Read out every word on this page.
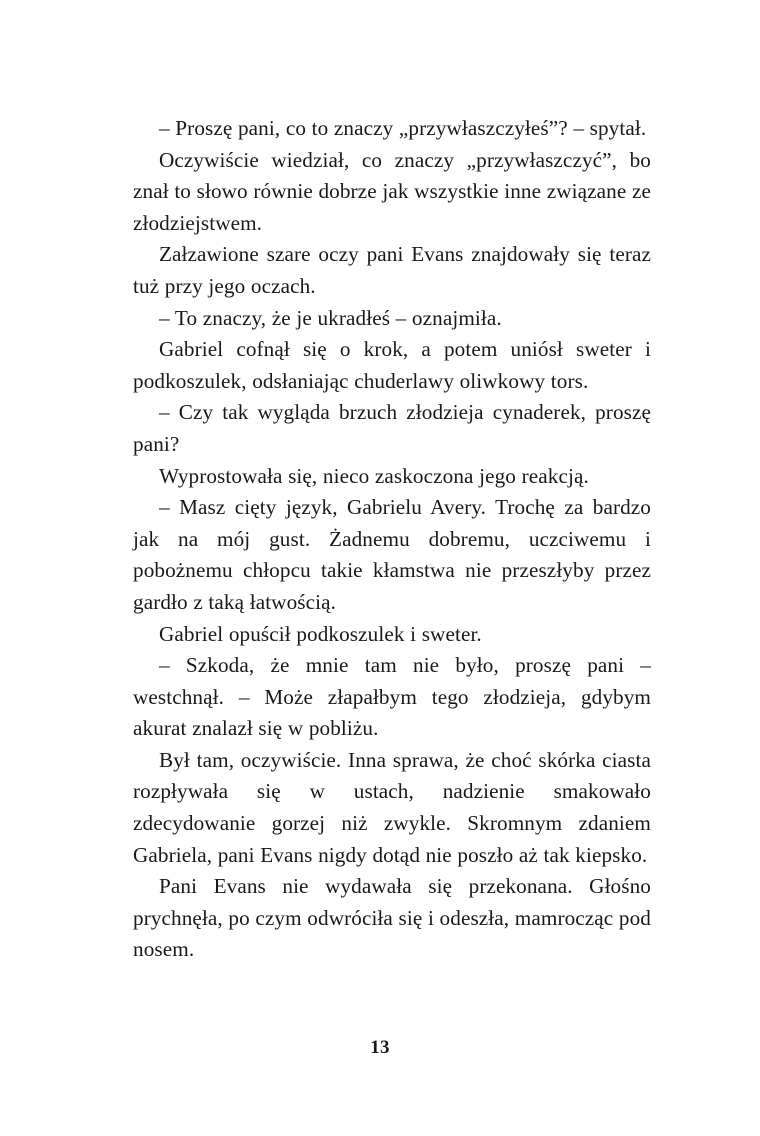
– Proszę pani, co to znaczy „przywłaszczyłeś”? – spytał.

Oczywiście wiedział, co znaczy „przywłaszczyć”, bo znał to słowo równie dobrze jak wszystkie inne związane ze złodziejstwem.

Załzawione szare oczy pani Evans znajdowały się teraz tuż przy jego oczach.

– To znaczy, że je ukradłeś – oznajmiła.

Gabriel cofnął się o krok, a potem uniósł sweter i podkoszulek, odsłaniając chuderlawy oliwkowy tors.

– Czy tak wygląda brzuch złodzieja cynaderek, proszę pani?

Wyprostowała się, nieco zaskoczona jego reakcją.

– Masz cięty język, Gabrielu Avery. Trochę za bardzo jak na mój gust. Żadnemu dobremu, uczciwemu i pobożnemu chłopcu takie kłamstwa nie przeszłyby przez gardło z taką łatwością.

Gabriel opuścił podkoszulek i sweter.

– Szkoda, że mnie tam nie było, proszę pani – westchnął. – Może złapałbym tego złodzieja, gdybym akurat znalazł się w pobliżu.

Był tam, oczywiście. Inna sprawa, że choć skórka ciasta rozpływała się w ustach, nadzienie smakowało zdecydowanie gorzej niż zwykle. Skromnym zdaniem Gabriela, pani Evans nigdy dotąd nie poszło aż tak kiepsko.

Pani Evans nie wydawała się przekonana. Głośno prychnęła, po czym odwróciła się i odeszła, mamrocząc pod nosem.

13
